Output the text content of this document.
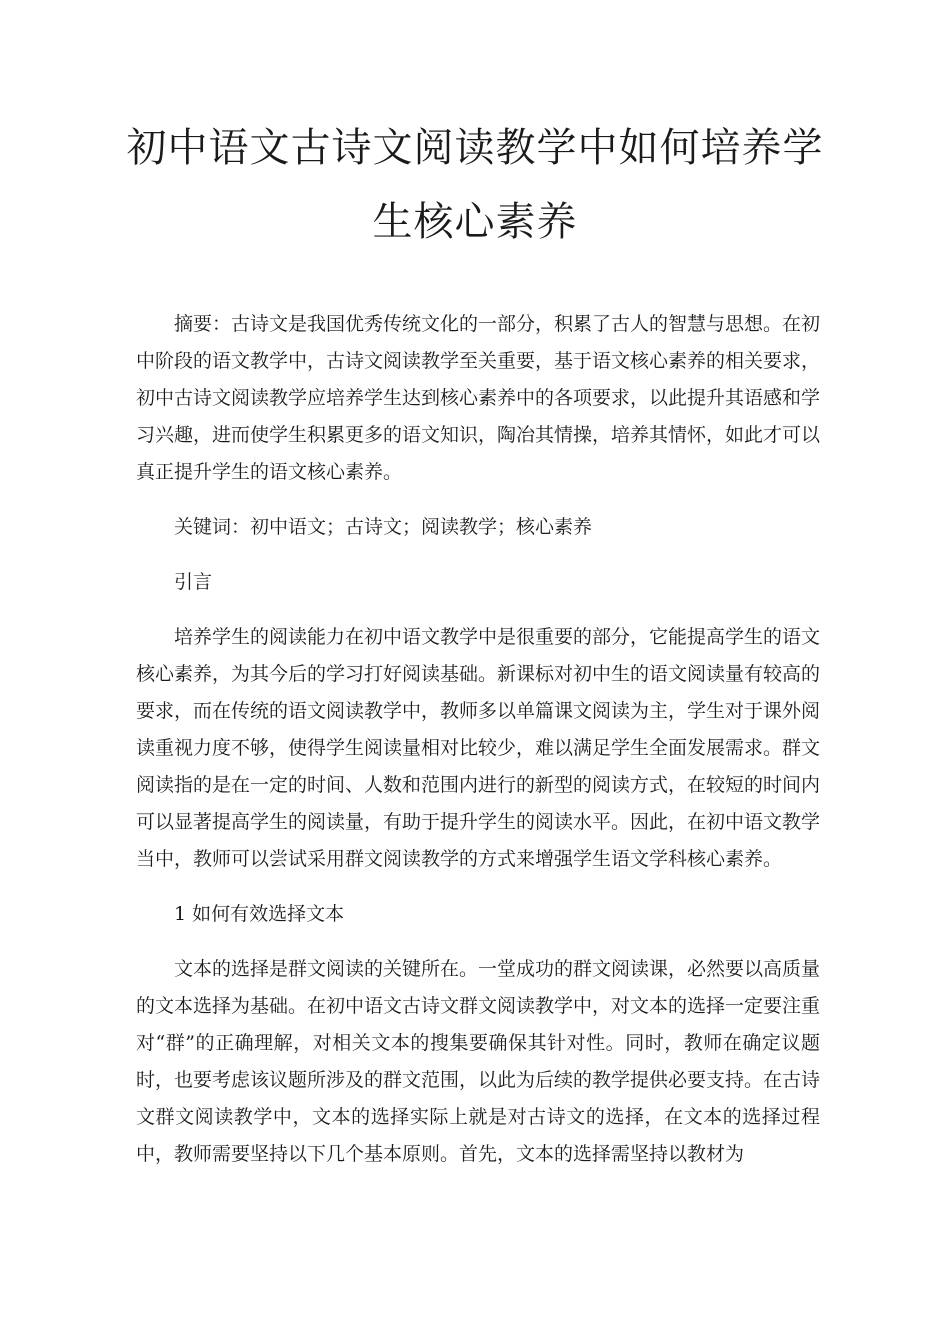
初中语文古诗文阅读教学中如何培养学
生核心素养

摘要：古诗文是我国优秀传统文化的一部分，积累了古人的智慧与思想。在初中阶段的语文教学中，古诗文阅读教学至关重要，基于语文核心素养的相关要求，初中古诗文阅读教学应培养学生达到核心素养中的各项要求，以此提升其语感和学习兴趣，进而使学生积累更多的语文知识，陶冶其情操，培养其情怀，如此才可以真正提升学生的语文核心素养。

关键词：初中语文；古诗文；阅读教学；核心素养

引言

培养学生的阅读能力在初中语文教学中是很重要的部分，它能提高学生的语文核心素养，为其今后的学习打好阅读基础。新课标对初中生的语文阅读量有较高的要求，而在传统的语文阅读教学中，教师多以单篇课文阅读为主，学生对于课外阅读重视力度不够，使得学生阅读量相对比较少，难以满足学生全面发展需求。群文阅读指的是在一定的时间、人数和范围内进行的新型的阅读方式，在较短的时间内可以显著提高学生的阅读量，有助于提升学生的阅读水平。因此，在初中语文教学当中，教师可以尝试采用群文阅读教学的方式来增强学生语文学科核心素养。

1 如何有效选择文本

文本的选择是群文阅读的关键所在。一堂成功的群文阅读课，必然要以高质量的文本选择为基础。在初中语文古诗文群文阅读教学中，对文本的选择一定要注重对“群”的正确理解，对相关文本的搜集要确保其针对性。同时，教师在确定议题时，也要考虑该议题所涉及的群文范围，以此为后续的教学提供必要支持。在古诗文群文阅读教学中，文本的选择实际上就是对古诗文的选择，在文本的选择过程中，教师需要坚持以下几个基本原则。首先，文本的选择需坚持以教材为
